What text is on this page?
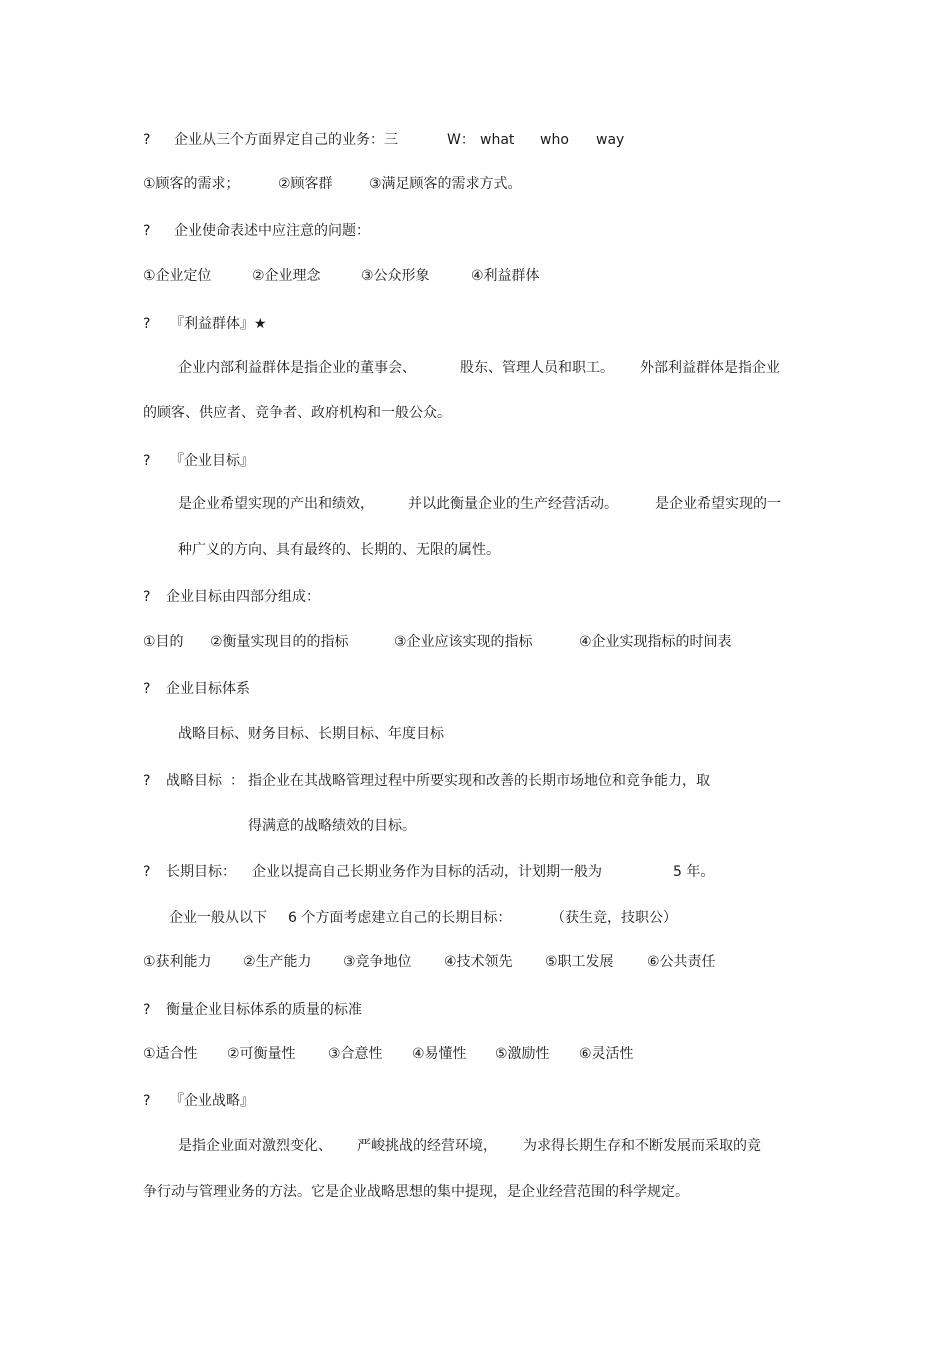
? 企业从三个方面界定自己的业务：三	W： what who way
①顾客的需求；	②顾客群	③满足顾客的需求方式。
? 企业使命表述中应注意的问题：
①企业定位	②企业理念	③公众形象	④利益群体
? 『利益群体』★
企业内部利益群体是指企业的董事会、	股东、管理人员和职工。 外部利益群体是指企业
的顾客、供应者、竞争者、政府机构和一般公众。
? 『企业目标』
是企业希望实现的产出和绩效， 并以此衡量企业的生产经营活动。	是企业希望实现的一
种广义的方向、具有最终的、长期的、无限的属性。
? 企业目标由四部分组成：
①目的 ②衡量实现目的的指标	③企业应该实现的指标	④企业实现指标的时间表
? 企业目标体系
战略目标、财务目标、长期目标、年度目标
? 战略目标 ： 指企业在其战略管理过程中所要实现和改善的长期市场地位和竞争能力，取
得满意的战略绩效的目标。
? 长期目标： 企业以提高自己长期业务作为目标的活动，计划期一般为	5 年。
企业一般从以下 6 个方面考虑建立自己的长期目标：	（获生竞，技职公）
①获利能力 ②生产能力 ③竞争地位 ④技术领先 ⑤职工发展 ⑥公共责任
? 衡量企业目标体系的质量的标准
①适合性 ②可衡量性 ③合意性 ④易懂性 ⑤激励性 ⑥灵活性
? 『企业战略』
是指企业面对激烈变化、 严峻挑战的经营环境， 为求得长期生存和不断发展而采取的竞
争行动与管理业务的方法。它是企业战略思想的集中提现，是企业经营范围的科学规定。
